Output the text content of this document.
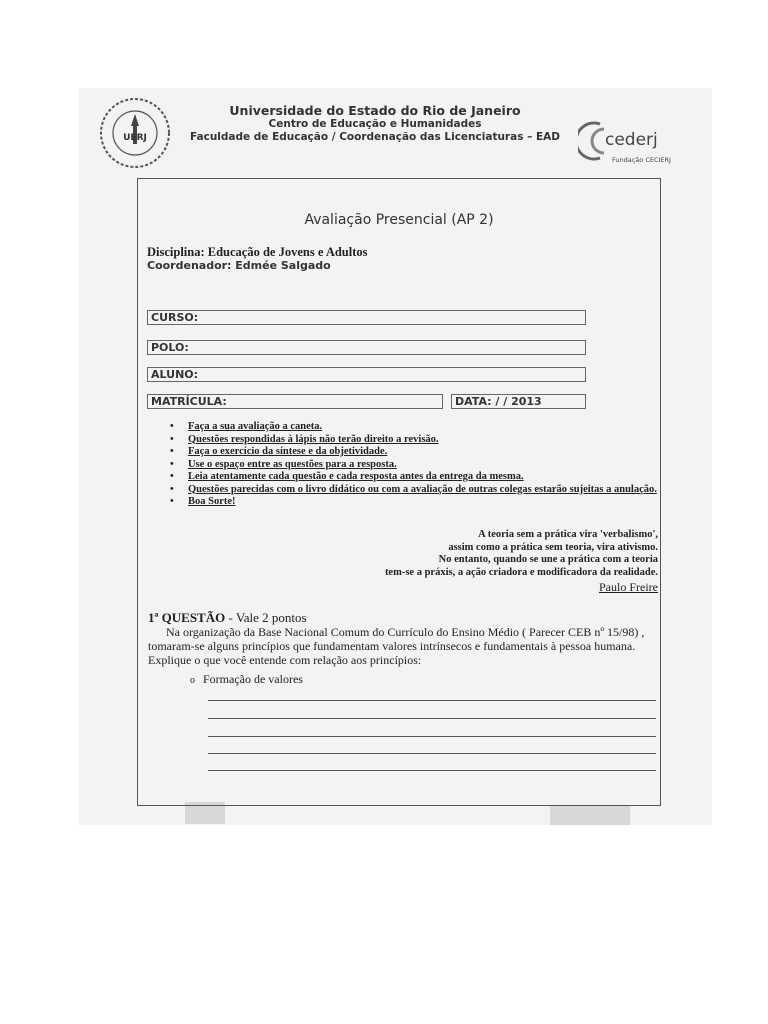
UERJ
Universidade do Estado do Rio de Janeiro
Centro de Educação e Humanidades
Faculdade de Educação / Coordenação das Licenciaturas – EAD	cederj
Fundação CECIERJ
Avaliação Presencial (AP 2)
Disciplina: Educação de Jovens e Adultos
Coordenador: Edmée Salgado
CURSO:
POLO:
ALUNO:
MATRÍCULA:	DATA: / / 2013
• Faça a sua avaliação a caneta.
• Questões respondidas à lápis não terão direito a revisão.
• Faça o exercício da síntese e da objetividade.
• Use o espaço entre as questões para a resposta.
• Leia atentamente cada questão e cada resposta antes da entrega da mesma.
• Questões parecidas com o livro didático ou com a avaliação de outras colegas estarão sujeitas a anulação.
• Boa Sorte!
A teoria sem a prática vira 'verbalismo',
assim como a prática sem teoria, vira ativismo.
No entanto, quando se une a prática com a teoria
tem-se a práxis, a ação criadora e modificadora da realidade.
Paulo Freire
1ª QUESTÃO - Vale 2 pontos
Na organização da Base Nacional Comum do Currículo do Ensino Médio ( Parecer CEB nº 15/98) , tomaram-se alguns princípios que fundamentam valores intrínsecos e fundamentais à pessoa humana. Explique o que você entende com relação aos princípios:
o Formação de valores
